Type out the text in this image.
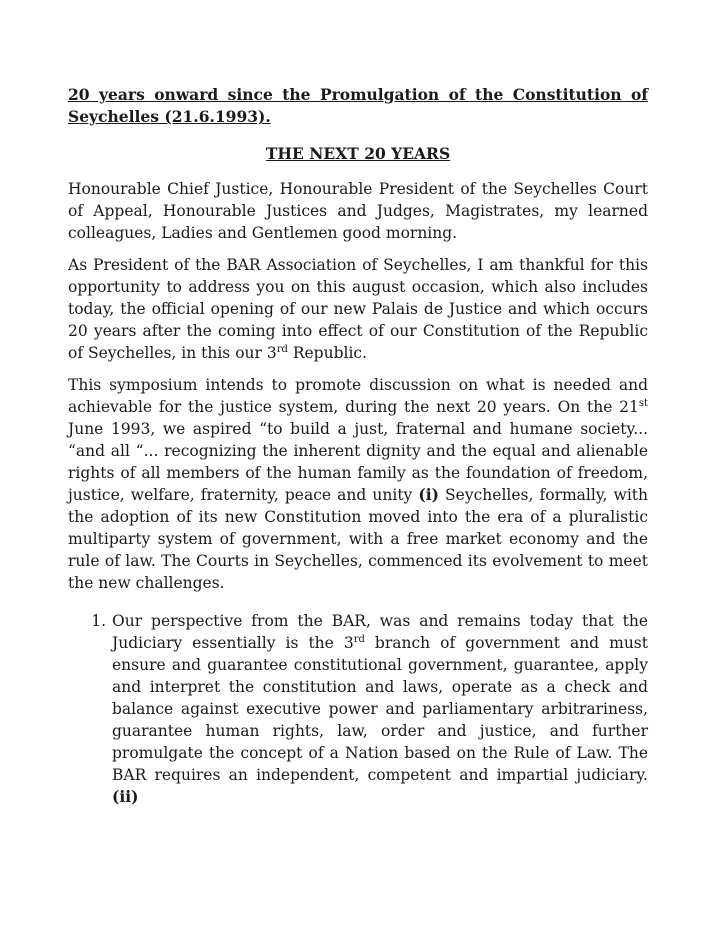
20 years onward since the Promulgation of the Constitution of Seychelles (21.6.1993).

THE NEXT 20 YEARS

Honourable Chief Justice, Honourable President of the Seychelles Court of Appeal, Honourable Justices and Judges, Magistrates, my learned colleagues, Ladies and Gentlemen good morning.

As President of the BAR Association of Seychelles, I am thankful for this opportunity to address you on this august occasion, which also includes today, the official opening of our new Palais de Justice and which occurs 20 years after the coming into effect of our Constitution of the Republic of Seychelles, in this our 3rd Republic.

This symposium intends to promote discussion on what is needed and achievable for the justice system, during the next 20 years. On the 21st June 1993, we aspired “to build a just, fraternal and humane society... “and all “... recognizing the inherent dignity and the equal and alienable rights of all members of the human family as the foundation of freedom, justice, welfare, fraternity, peace and unity (i) Seychelles, formally, with the adoption of its new Constitution moved into the era of a pluralistic multiparty system of government, with a free market economy and the rule of law. The Courts in Seychelles, commenced its evolvement to meet the new challenges.

1. Our perspective from the BAR, was and remains today that the Judiciary essentially is the 3rd branch of government and must ensure and guarantee constitutional government, guarantee, apply and interpret the constitution and laws, operate as a check and balance against executive power and parliamentary arbitrariness, guarantee human rights, law, order and justice, and further promulgate the concept of a Nation based on the Rule of Law. The BAR requires an independent, competent and impartial judiciary. (ii)
